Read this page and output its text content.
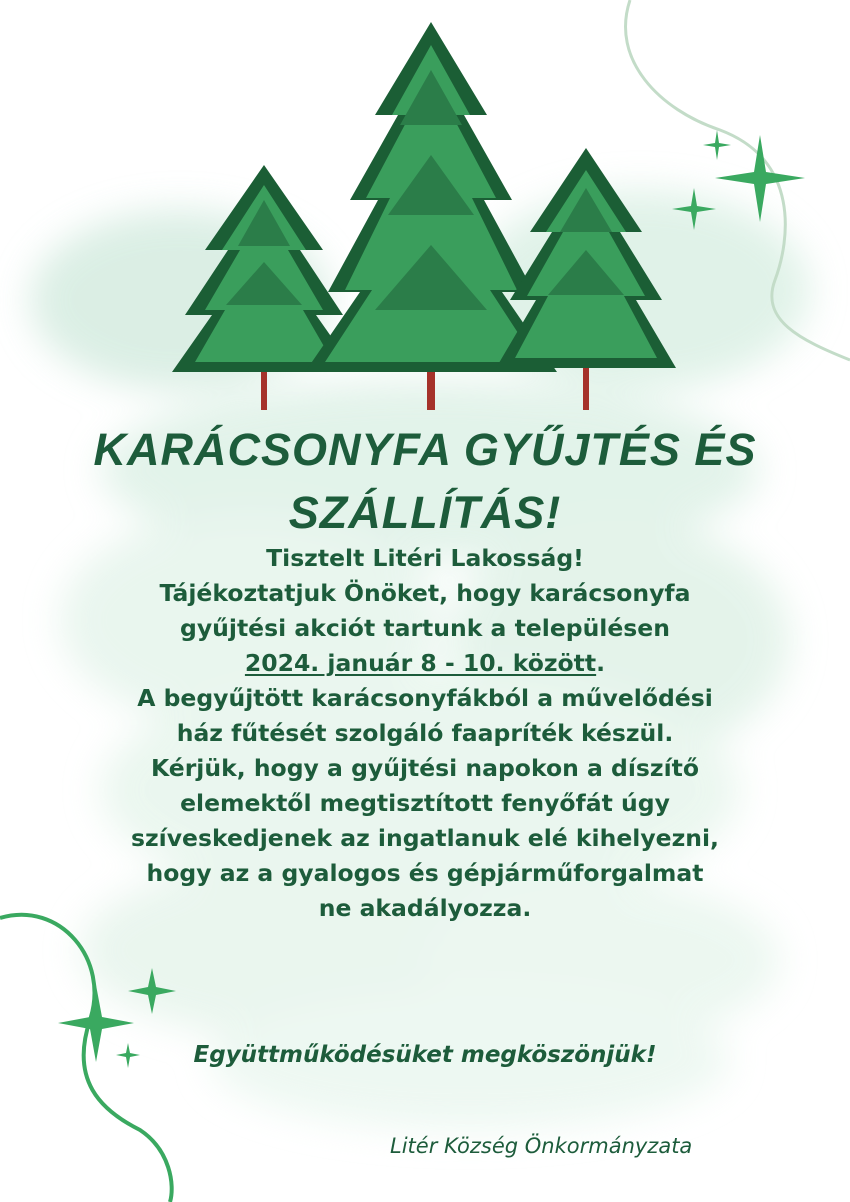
KARÁCSONYFA GYŰJTÉS ÉS
SZÁLLÍTÁS!

Tisztelt Litéri Lakosság!

Tájékoztatjuk Önöket, hogy karácsonyfa

gyűjtési akciót tartunk a településen

2024. január 8 - 10. között.

A begyűjtött karácsonyfákból a művelődési

ház fűtését szolgáló faapríték készül.

Kérjük, hogy a gyűjtési napokon a díszítő

elemektől megtisztított fenyőfát úgy

szíveskedjenek az ingatlanuk elé kihelyezni,

hogy az a gyalogos és gépjárműforgalmat

ne akadályozza.

Együttműködésüket megköszönjük!

Litér Község Önkormányzata
